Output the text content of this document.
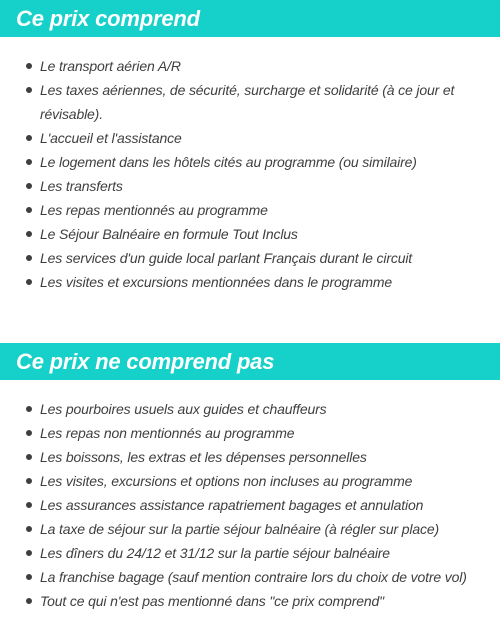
Ce prix comprend
Le transport aérien A/R
Les taxes aériennes, de sécurité, surcharge et solidarité (à ce jour et révisable).
L'accueil et l'assistance
Le logement dans les hôtels cités au programme (ou similaire)
Les transferts
Les repas mentionnés au programme
Le Séjour Balnéaire en formule Tout Inclus
Les services d'un guide local parlant Français durant le circuit
Les visites et excursions mentionnées dans le programme
Ce prix ne comprend pas
Les pourboires usuels aux guides et chauffeurs
Les repas non mentionnés au programme
Les boissons, les extras et les dépenses personnelles
Les visites, excursions et options non incluses au programme
Les assurances assistance rapatriement bagages et annulation
La taxe de séjour sur la partie séjour balnéaire (à régler sur place)
Les dîners du 24/12 et 31/12 sur la partie séjour balnéaire
La franchise bagage (sauf mention contraire lors du choix de votre vol)
Tout ce qui n'est pas mentionné dans "ce prix comprend"
